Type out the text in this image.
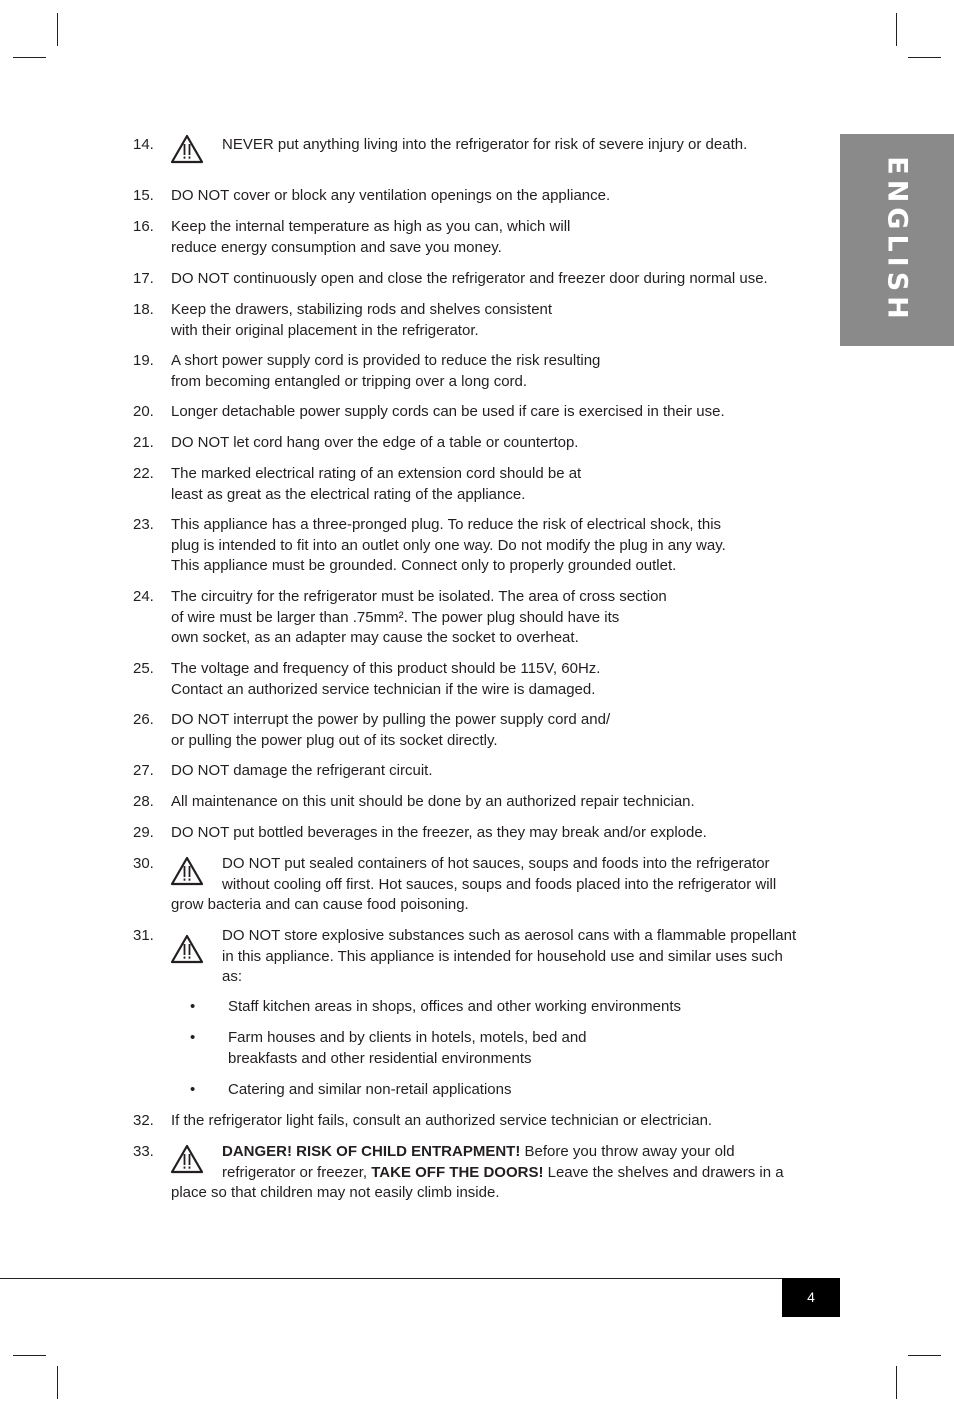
ENGLISH
14.	NEVER put anything living into the refrigerator for risk of severe injury or death.
15. DO NOT cover or block any ventilation openings on the appliance.
16. Keep the internal temperature as high as you can, which will
reduce energy consumption and save you money.
17. DO NOT continuously open and close the refrigerator and freezer door during normal use.
18. Keep the drawers, stabilizing rods and shelves consistent
with their original placement in the refrigerator.
19. A short power supply cord is provided to reduce the risk resulting
from becoming entangled or tripping over a long cord.
20. Longer detachable power supply cords can be used if care is exercised in their use.
21. DO NOT let cord hang over the edge of a table or countertop.
22. The marked electrical rating of an extension cord should be at
least as great as the electrical rating of the appliance.
23. This appliance has a three-pronged plug. To reduce the risk of electrical shock, this
plug is intended to fit into an outlet only one way. Do not modify the plug in any way.
This appliance must be grounded. Connect only to properly grounded outlet.
24. The circuitry for the refrigerator must be isolated. The area of cross section
of wire must be larger than .75mm². The power plug should have its
own socket, as an adapter may cause the socket to overheat.
25. The voltage and frequency of this product should be 115V, 60Hz.
Contact an authorized service technician if the wire is damaged.
26. DO NOT interrupt the power by pulling the power supply cord and/
or pulling the power plug out of its socket directly.
27. DO NOT damage the refrigerant circuit.
28. All maintenance on this unit should be done by an authorized repair technician.
29. DO NOT put bottled beverages in the freezer, as they may break and/or explode.
30.	DO NOT put sealed containers of hot sauces, soups and foods into the refrigerator
without cooling off first. Hot sauces, soups and foods placed into the refrigerator will
grow bacteria and can cause food poisoning.
31.	DO NOT store explosive substances such as aerosol cans with a flammable propellant
in this appliance. This appliance is intended for household use and similar uses such
as:
• Staff kitchen areas in shops, offices and other working environments
• Farm houses and by clients in hotels, motels, bed and
breakfasts and other residential environments
• Catering and similar non-retail applications
32. If the refrigerator light fails, consult an authorized service technician or electrician.
33.	DANGER! RISK OF CHILD ENTRAPMENT! Before you throw away your old
refrigerator or freezer, TAKE OFF THE DOORS! Leave the shelves and drawers in a
place so that children may not easily climb inside.
4
